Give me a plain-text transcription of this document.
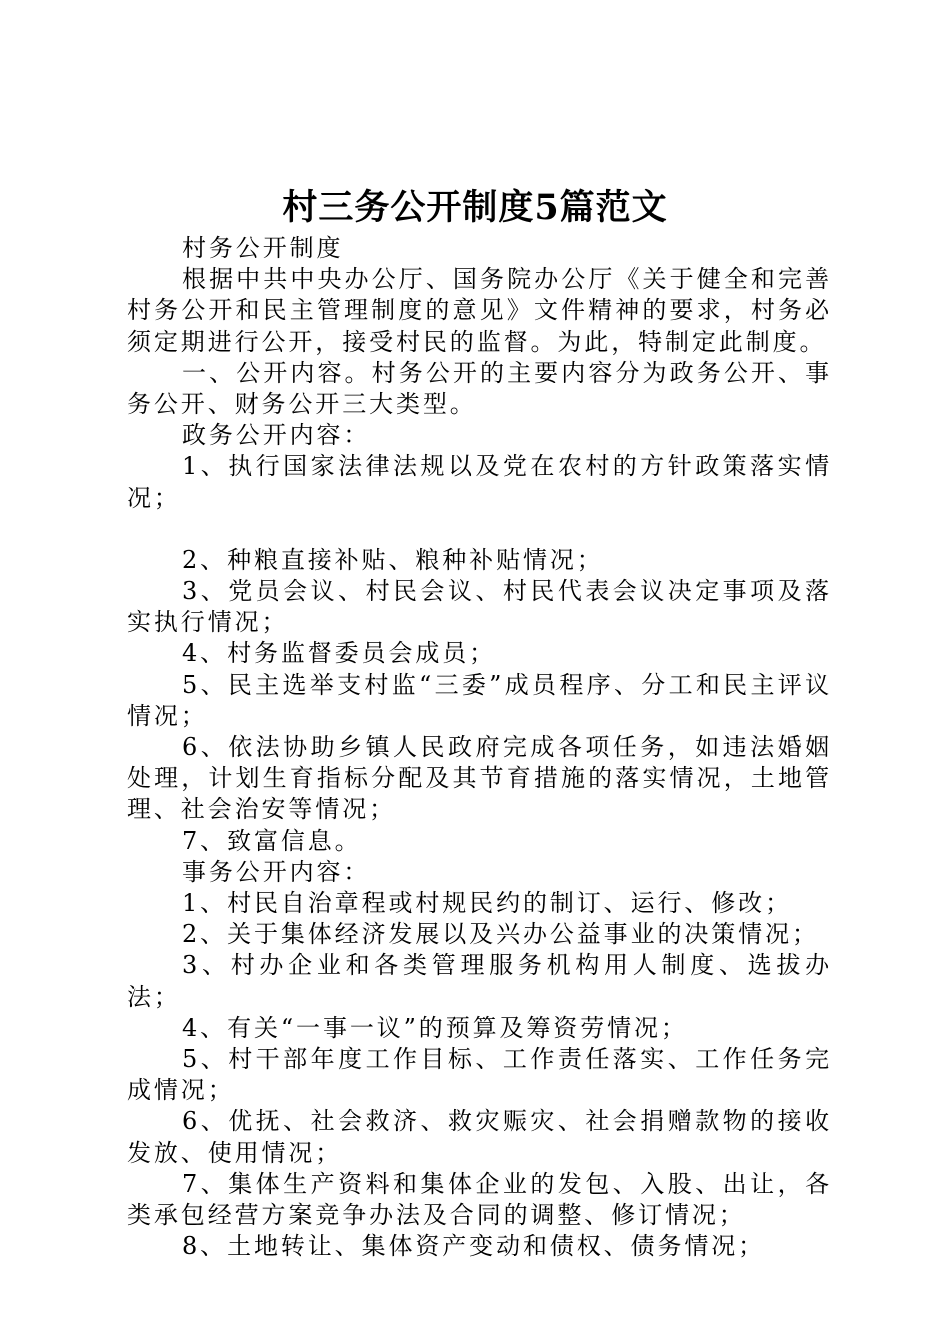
村三务公开制度5篇范文

村务公开制度

根据中共中央办公厅、国务院办公厅《关于健全和完善村务公开和民主管理制度的意见》文件精神的要求，村务必须定期进行公开，接受村民的监督。为此，特制定此制度。

一、公开内容。村务公开的主要内容分为政务公开、事务公开、财务公开三大类型。

政务公开内容：

1、执行国家法律法规以及党在农村的方针政策落实情况；

2、种粮直接补贴、粮种补贴情况；

3、党员会议、村民会议、村民代表会议决定事项及落实执行情况；

4、村务监督委员会成员；

5、民主选举支村监“三委”成员程序、分工和民主评议情况；

6、依法协助乡镇人民政府完成各项任务，如违法婚姻处理，计划生育指标分配及其节育措施的落实情况，土地管理、社会治安等情况；

7、致富信息。

事务公开内容：

1、村民自治章程或村规民约的制订、运行、修改；

2、关于集体经济发展以及兴办公益事业的决策情况；

3、村办企业和各类管理服务机构用人制度、选拔办法；

4、有关“一事一议”的预算及筹资劳情况；

5、村干部年度工作目标、工作责任落实、工作任务完成情况；

6、优抚、社会救济、救灾赈灾、社会捐赠款物的接收发放、使用情况；

7、集体生产资料和集体企业的发包、入股、出让，各类承包经营方案竞争办法及合同的调整、修订情况；

8、土地转让、集体资产变动和债权、债务情况；
